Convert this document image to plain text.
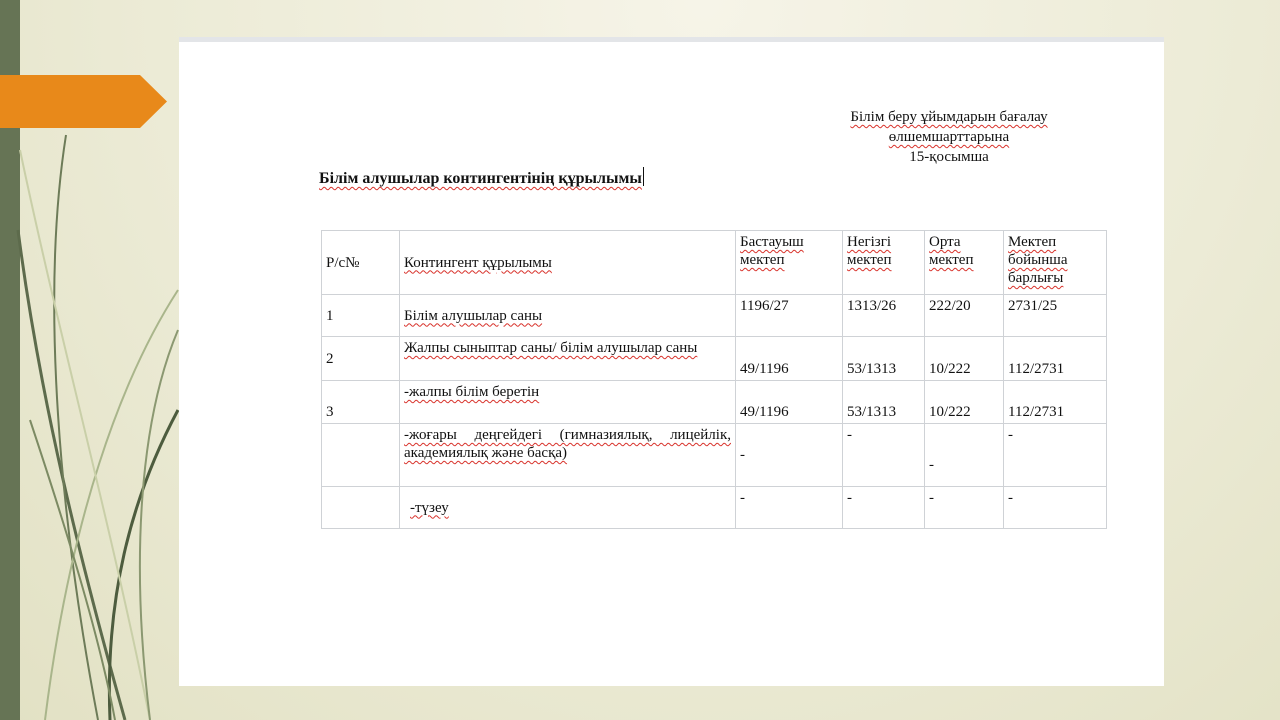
Білім беру ұйымдарын бағалау
өлшемшарттарына
15-қосымша
Білім алушылар контингентінің құрылымы
Р/с№	Контингент құрылымы	Бастауыш мектеп	Негізгі мектеп	Орта мектеп	Мектеп бойынша барлығы
1	Білім алушылар саны	1196/27	1313/26	222/20	2731/25
2	Жалпы сыныптар саны/ білім алушылар саны	49/1196	53/1313	10/222	112/2731
3	-жалпы білім беретін	49/1196	53/1313	10/222	112/2731
	-жоғары деңгейдегі (гимназиялық, лицейлік, академиялық және басқа)	-	-	-	-
	-түзеу	-	-	-	-
